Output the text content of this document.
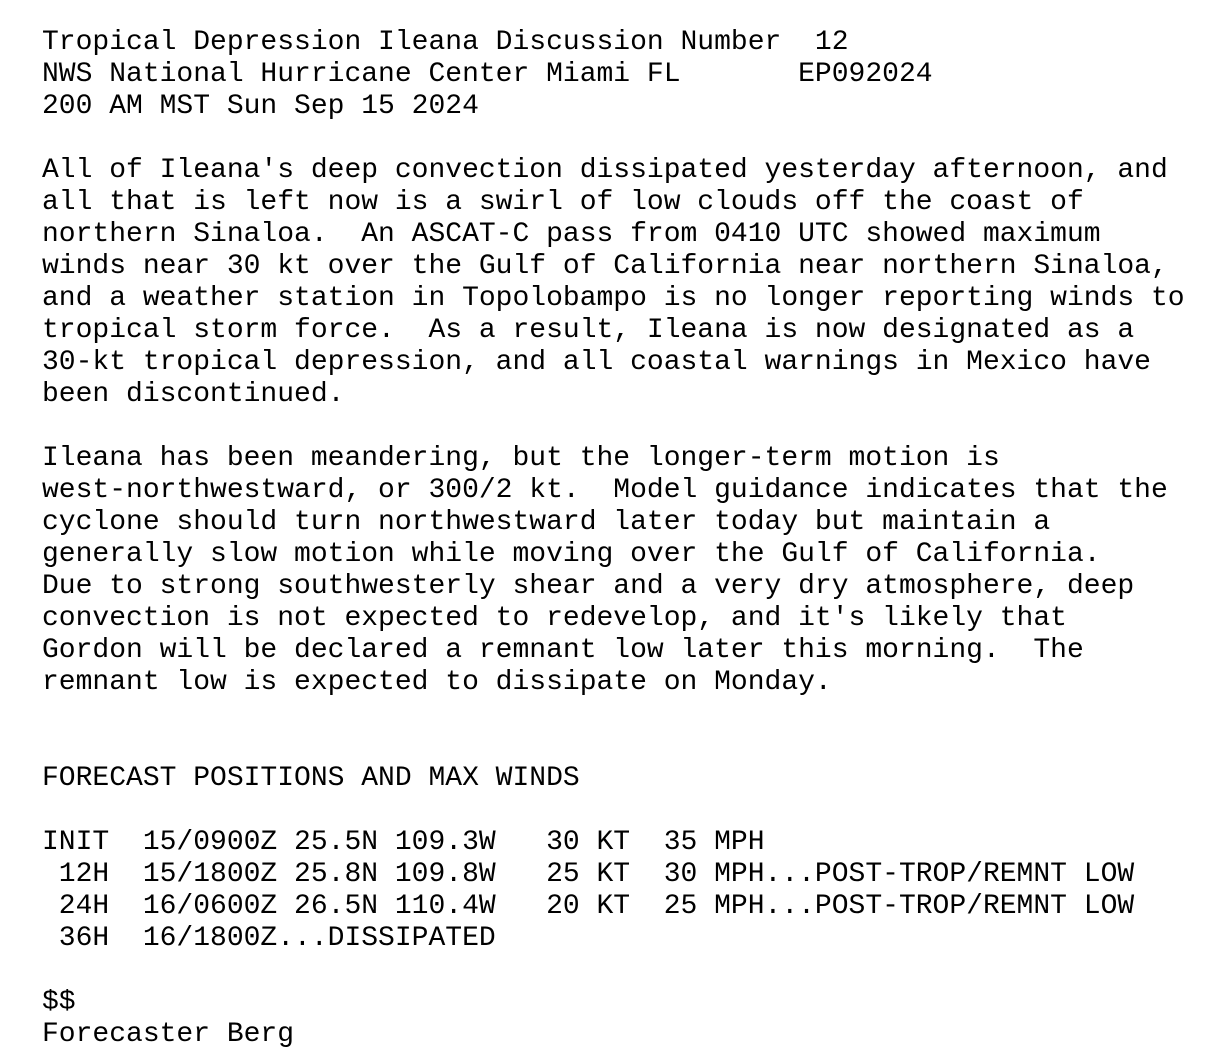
Tropical Depression Ileana Discussion Number  12
NWS National Hurricane Center Miami FL       EP092024
200 AM MST Sun Sep 15 2024
All of Ileana's deep convection dissipated yesterday afternoon, and
all that is left now is a swirl of low clouds off the coast of
northern Sinaloa.  An ASCAT-C pass from 0410 UTC showed maximum
winds near 30 kt over the Gulf of California near northern Sinaloa,
and a weather station in Topolobampo is no longer reporting winds to
tropical storm force.  As a result, Ileana is now designated as a
30-kt tropical depression, and all coastal warnings in Mexico have
been discontinued.
Ileana has been meandering, but the longer-term motion is
west-northwestward, or 300/2 kt.  Model guidance indicates that the
cyclone should turn northwestward later today but maintain a
generally slow motion while moving over the Gulf of California.
Due to strong southwesterly shear and a very dry atmosphere, deep
convection is not expected to redevelop, and it's likely that
Gordon will be declared a remnant low later this morning.  The
remnant low is expected to dissipate on Monday.
FORECAST POSITIONS AND MAX WINDS
INIT  15/0900Z 25.5N 109.3W   30 KT  35 MPH
12H  15/1800Z 25.8N 109.8W   25 KT  30 MPH...POST-TROP/REMNT LOW
24H  16/0600Z 26.5N 110.4W   20 KT  25 MPH...POST-TROP/REMNT LOW
36H  16/1800Z...DISSIPATED
$$
Forecaster Berg
